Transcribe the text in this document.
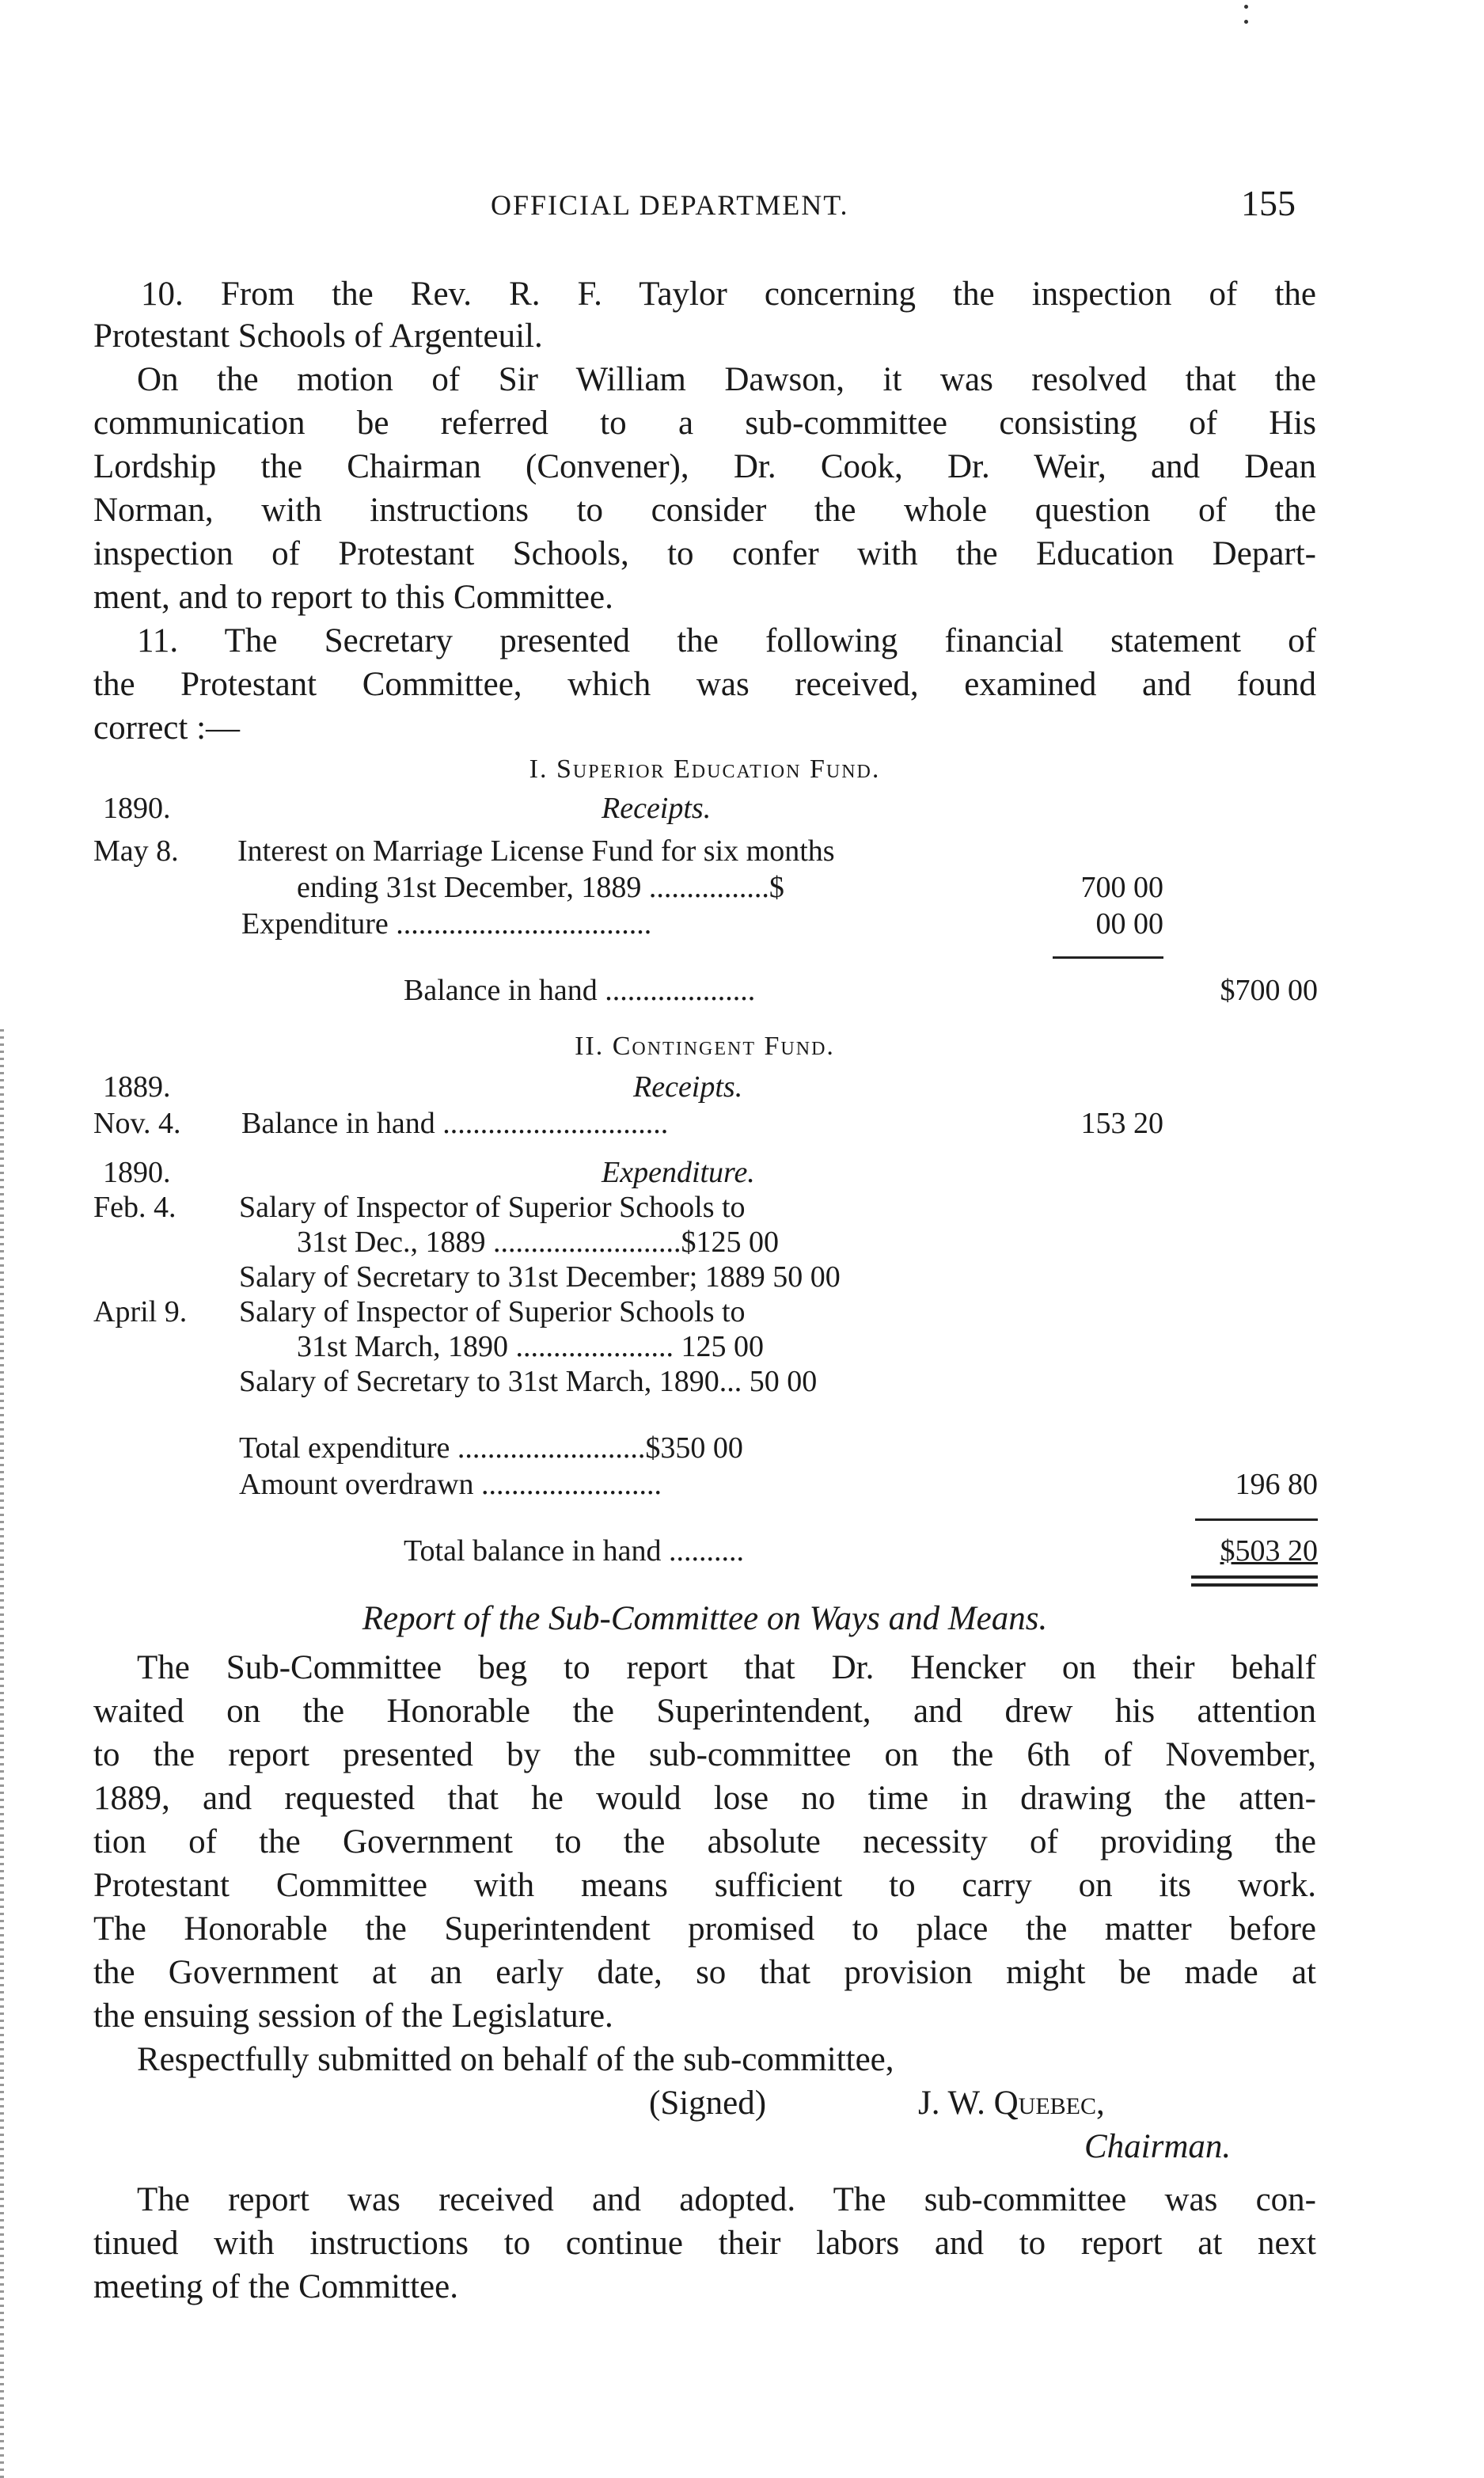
OFFICIAL DEPARTMENT.	155
10. From the Rev. R. F. Taylor concerning the inspection of the
Protestant Schools of Argenteuil.
On the motion of Sir William Dawson, it was resolved that the
communication be referred to a sub-committee consisting of His
Lordship the Chairman (Convener), Dr. Cook, Dr. Weir, and Dean
Norman, with instructions to consider the whole question of the
inspection of Protestant Schools, to confer with the Education Depart-
ment, and to report to this Committee.
11. The Secretary presented the following financial statement of
the Protestant Committee, which was received, examined and found
correct :—
I. Superior Education Fund.
1890.	Receipts.
May 8. Interest on Marriage License Fund for six months
ending 31st December, 1889 ................$	700 00
Expenditure ..................................	00 00
Balance in hand ....................	$700 00
II. Contingent Fund.
1889.	Receipts.
Nov. 4. Balance in hand ..............................	153 20
1890.	Expenditure.
Feb. 4. Salary of Inspector of Superior Schools to
31st Dec., 1889 .........................$125 00
Salary of Secretary to 31st December; 1889 50 00
April 9. Salary of Inspector of Superior Schools to
31st March, 1890 ..................... 125 00
Salary of Secretary to 31st March, 1890... 50 00
Total expenditure .........................$350 00
Amount overdrawn ........................	196 80
Total balance in hand ..........	$503 20
Report of the Sub-Committee on Ways and Means.
The Sub-Committee beg to report that Dr. Hencker on their behalf
waited on the Honorable the Superintendent, and drew his attention
to the report presented by the sub-committee on the 6th of November,
1889, and requested that he would lose no time in drawing the atten-
tion of the Government to the absolute necessity of providing the
Protestant Committee with means sufficient to carry on its work.
The Honorable the Superintendent promised to place the matter before
the Government at an early date, so that provision might be made at
the ensuing session of the Legislature.
Respectfully submitted on behalf of the sub-committee,
(Signed)	J. W. Quebec,
Chairman.
The report was received and adopted. The sub-committee was con-
tinued with instructions to continue their labors and to report at next
meeting of the Committee.
